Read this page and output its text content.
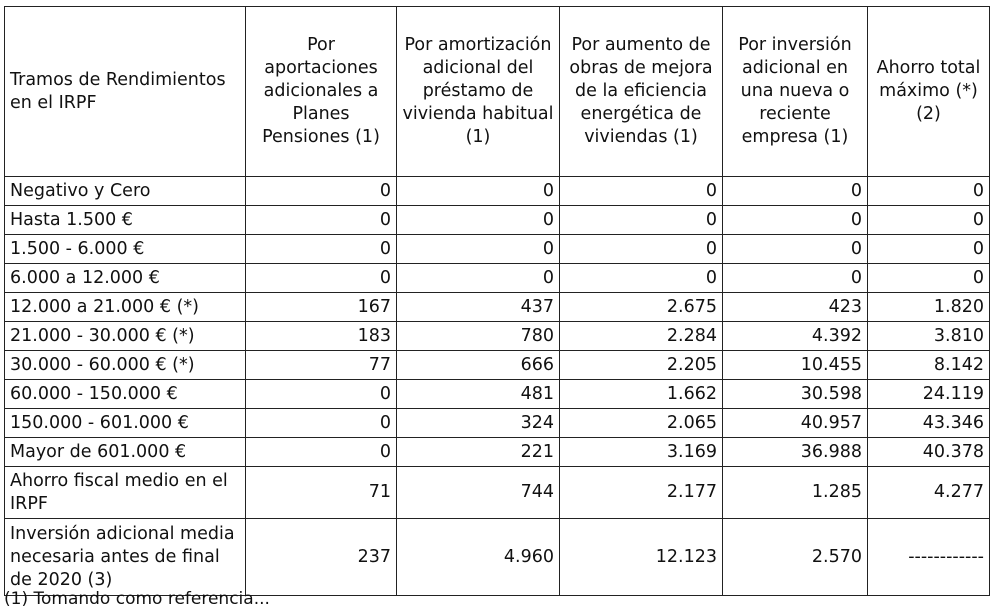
Tramos de Rendimientos en el IRPF	Por aportaciones adicionales a Planes Pensiones (1)	Por amortización adicional del préstamo de vivienda habitual (1)	Por aumento de obras de mejora de la eficiencia energética de viviendas (1)	Por inversión adicional en una nueva o reciente empresa (1)	Ahorro total máximo (*) (2)
Negativo y Cero	0	0	0	0	0
Hasta 1.500 €	0	0	0	0	0
1.500 - 6.000 €	0	0	0	0	0
6.000 a 12.000 €	0	0	0	0	0
12.000 a 21.000 € (*)	167	437	2.675	423	1.820
21.000 - 30.000 € (*)	183	780	2.284	4.392	3.810
30.000 - 60.000 € (*)	77	666	2.205	10.455	8.142
60.000 - 150.000 €	0	481	1.662	30.598	24.119
150.000 - 601.000 €	0	324	2.065	40.957	43.346
Mayor de 601.000 €	0	221	3.169	36.988	40.378
Ahorro fiscal medio en el IRPF	71	744	2.177	1.285	4.277
Inversión adicional media necesaria antes de final de 2020 (3)	237	4.960	12.123	2.570	------------
(1) Tomando como referencia...
